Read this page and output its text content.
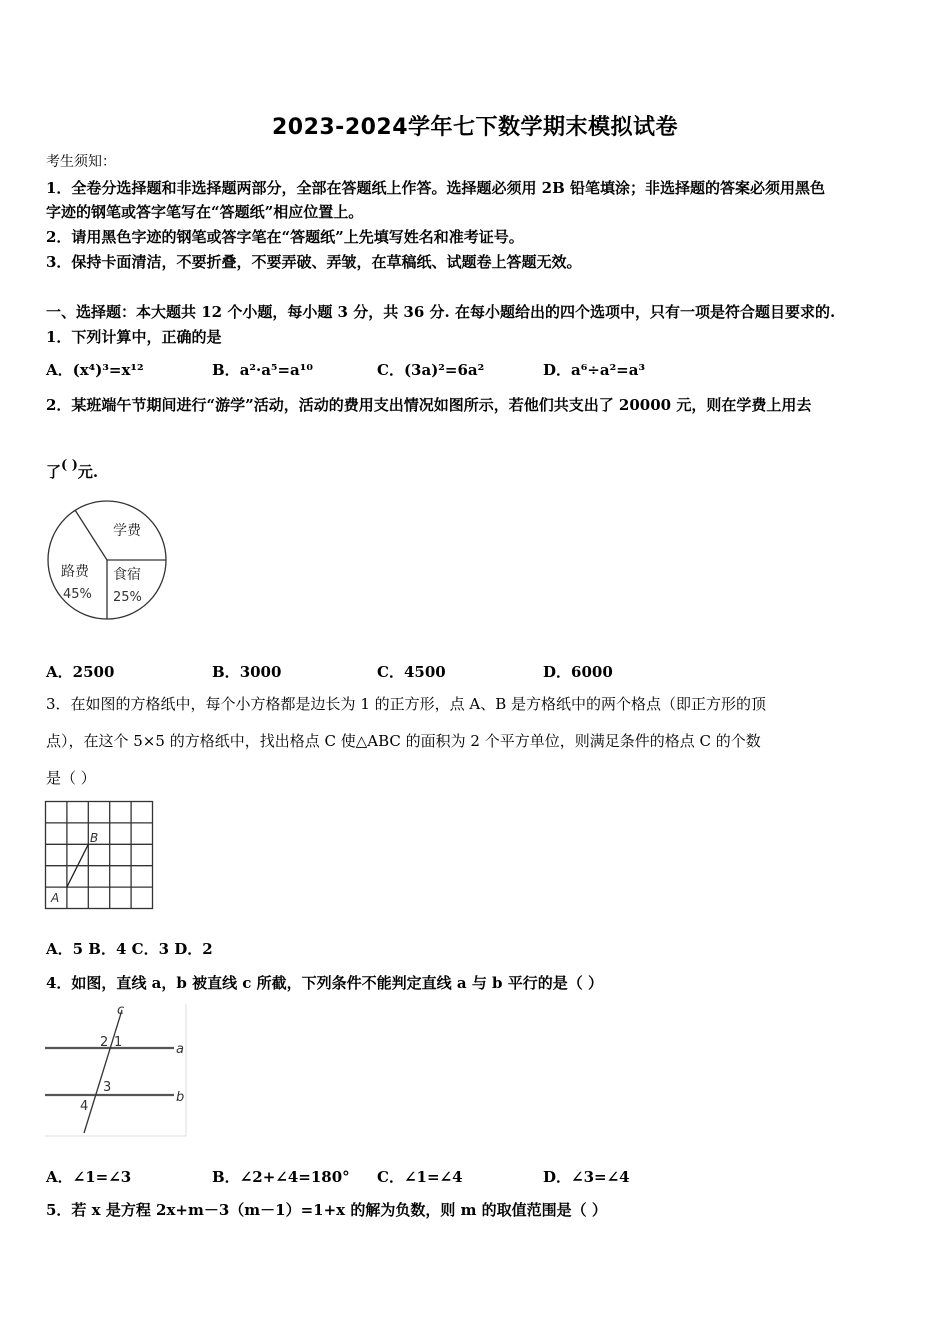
2023-2024学年七下数学期末模拟试卷
考生须知：
1．全卷分选择题和非选择题两部分，全部在答题纸上作答。选择题必须用 2B 铅笔填涂；非选择题的答案必须用黑色
字迹的钢笔或答字笔写在“答题纸”相应位置上。
2．请用黑色字迹的钢笔或答字笔在“答题纸”上先填写姓名和准考证号。
3．保持卡面清洁，不要折叠，不要弄破、弄皱，在草稿纸、试题卷上答题无效。
一、选择题：本大题共 12 个小题，每小题 3 分，共 36 分. 在每小题给出的四个选项中，只有一项是符合题目要求的.
1．下列计算中，正确的是
A．(x⁴)³=x¹²	B．a²·a⁵=a¹⁰	C．(3a)²=6a²	D．a⁶÷a²=a³
2．某班端午节期间进行“游学”活动，活动的费用支出情况如图所示，若他们共支出了 20000 元，则在学费上用去
了( )元.
学费
路费
45%
食宿
25%
A．2500	B．3000	C．4500	D．6000
3．在如图的方格纸中，每个小方格都是边长为 1 的正方形，点 A、B 是方格纸中的两个格点（即正方形的顶
点），在这个 5×5 的方格纸中，找出格点 C 使△ABC 的面积为 2 个平方单位，则满足条件的格点 C 的个数
是（ ）
A
B
A．5 B．4 C．3 D．2
4．如图，直线 a，b 被直线 c 所截，下列条件不能判定直线 a 与 b 平行的是（ ）
c
a
b
1
2
3
4
A．∠1=∠3	B．∠2+∠4=180° C．∠1=∠4	D．∠3=∠4
5．若 x 是方程 2x+m－3（m－1）=1+x 的解为负数，则 m 的取值范围是（ ）
